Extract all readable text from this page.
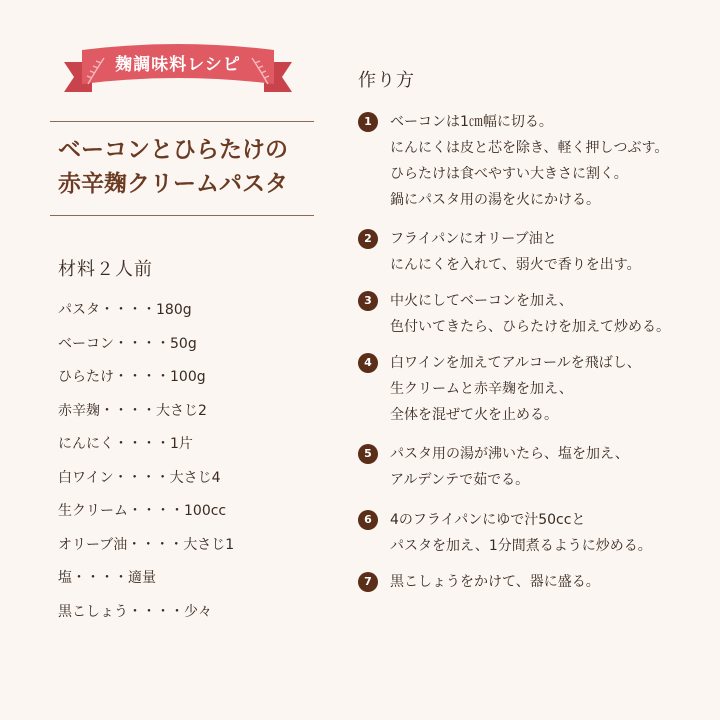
麹調味料レシピ
ベーコンとひらたけの
赤辛麹クリームパスタ
材料２人前
パスタ・・・・180g
ベーコン・・・・50g
ひらたけ・・・・100g
赤辛麹・・・・大さじ2
にんにく・・・・1片
白ワイン・・・・大さじ4
生クリーム・・・・100cc
オリーブ油・・・・大さじ1
塩・・・・適量
黒こしょう・・・・少々
作り方
1	ベーコンは1㎝幅に切る。
にんにくは皮と芯を除き、軽く押しつぶす。
ひらたけは食べやすい大きさに割く。
鍋にパスタ用の湯を火にかける。
2	フライパンにオリーブ油と
にんにくを入れて、弱火で香りを出す。
3	中火にしてベーコンを加え、
色付いてきたら、ひらたけを加えて炒める。
4	白ワインを加えてアルコールを飛ばし、
生クリームと赤辛麹を加え、
全体を混ぜて火を止める。
5	パスタ用の湯が沸いたら、塩を加え、
アルデンテで茹でる。
6	4のフライパンにゆで汁50ccと
パスタを加え、1分間煮るように炒める。
7	黒こしょうをかけて、器に盛る。
